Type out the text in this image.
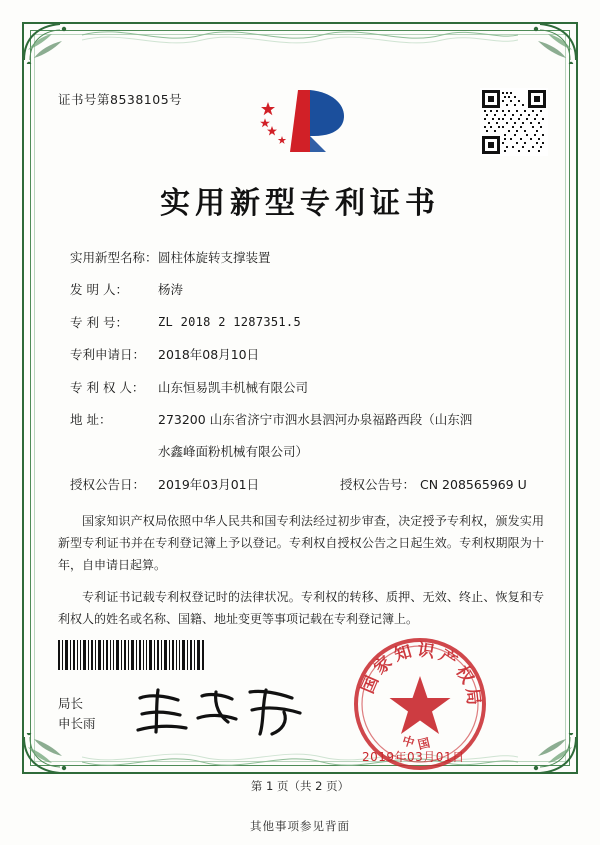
证书号第8538105号
实用新型专利证书
实用新型名称： 圆柱体旋转支撑装置
发 明 人：	杨涛
专 利 号：	ZL 2018 2 1287351.5
专利申请日：	2018年08月10日
专 利 权 人：	山东恒易凯丰机械有限公司
地 址：	273200 山东省济宁市泗水县泗河办泉福路西段（山东泗
水鑫峰面粉机械有限公司）
授权公告日：	2019年03月01日	授权公告号： CN 208565969 U

国家知识产权局依照中华人民共和国专利法经过初步审查，决定授予专利权，颁发实用新型专利证书并在专利登记簿上予以登记。专利权自授权公告之日起生效。专利权期限为十年，自申请日起算。

专利证书记载专利权登记时的法律状况。专利权的转移、质押、无效、终止、恢复和专利权人的姓名或名称、国籍、地址变更等事项记载在专利登记簿上。

局长
申长雨
国家知识产权局
中国
2019年03月01日
第 1 页（共 2 页）
其他事项参见背面
